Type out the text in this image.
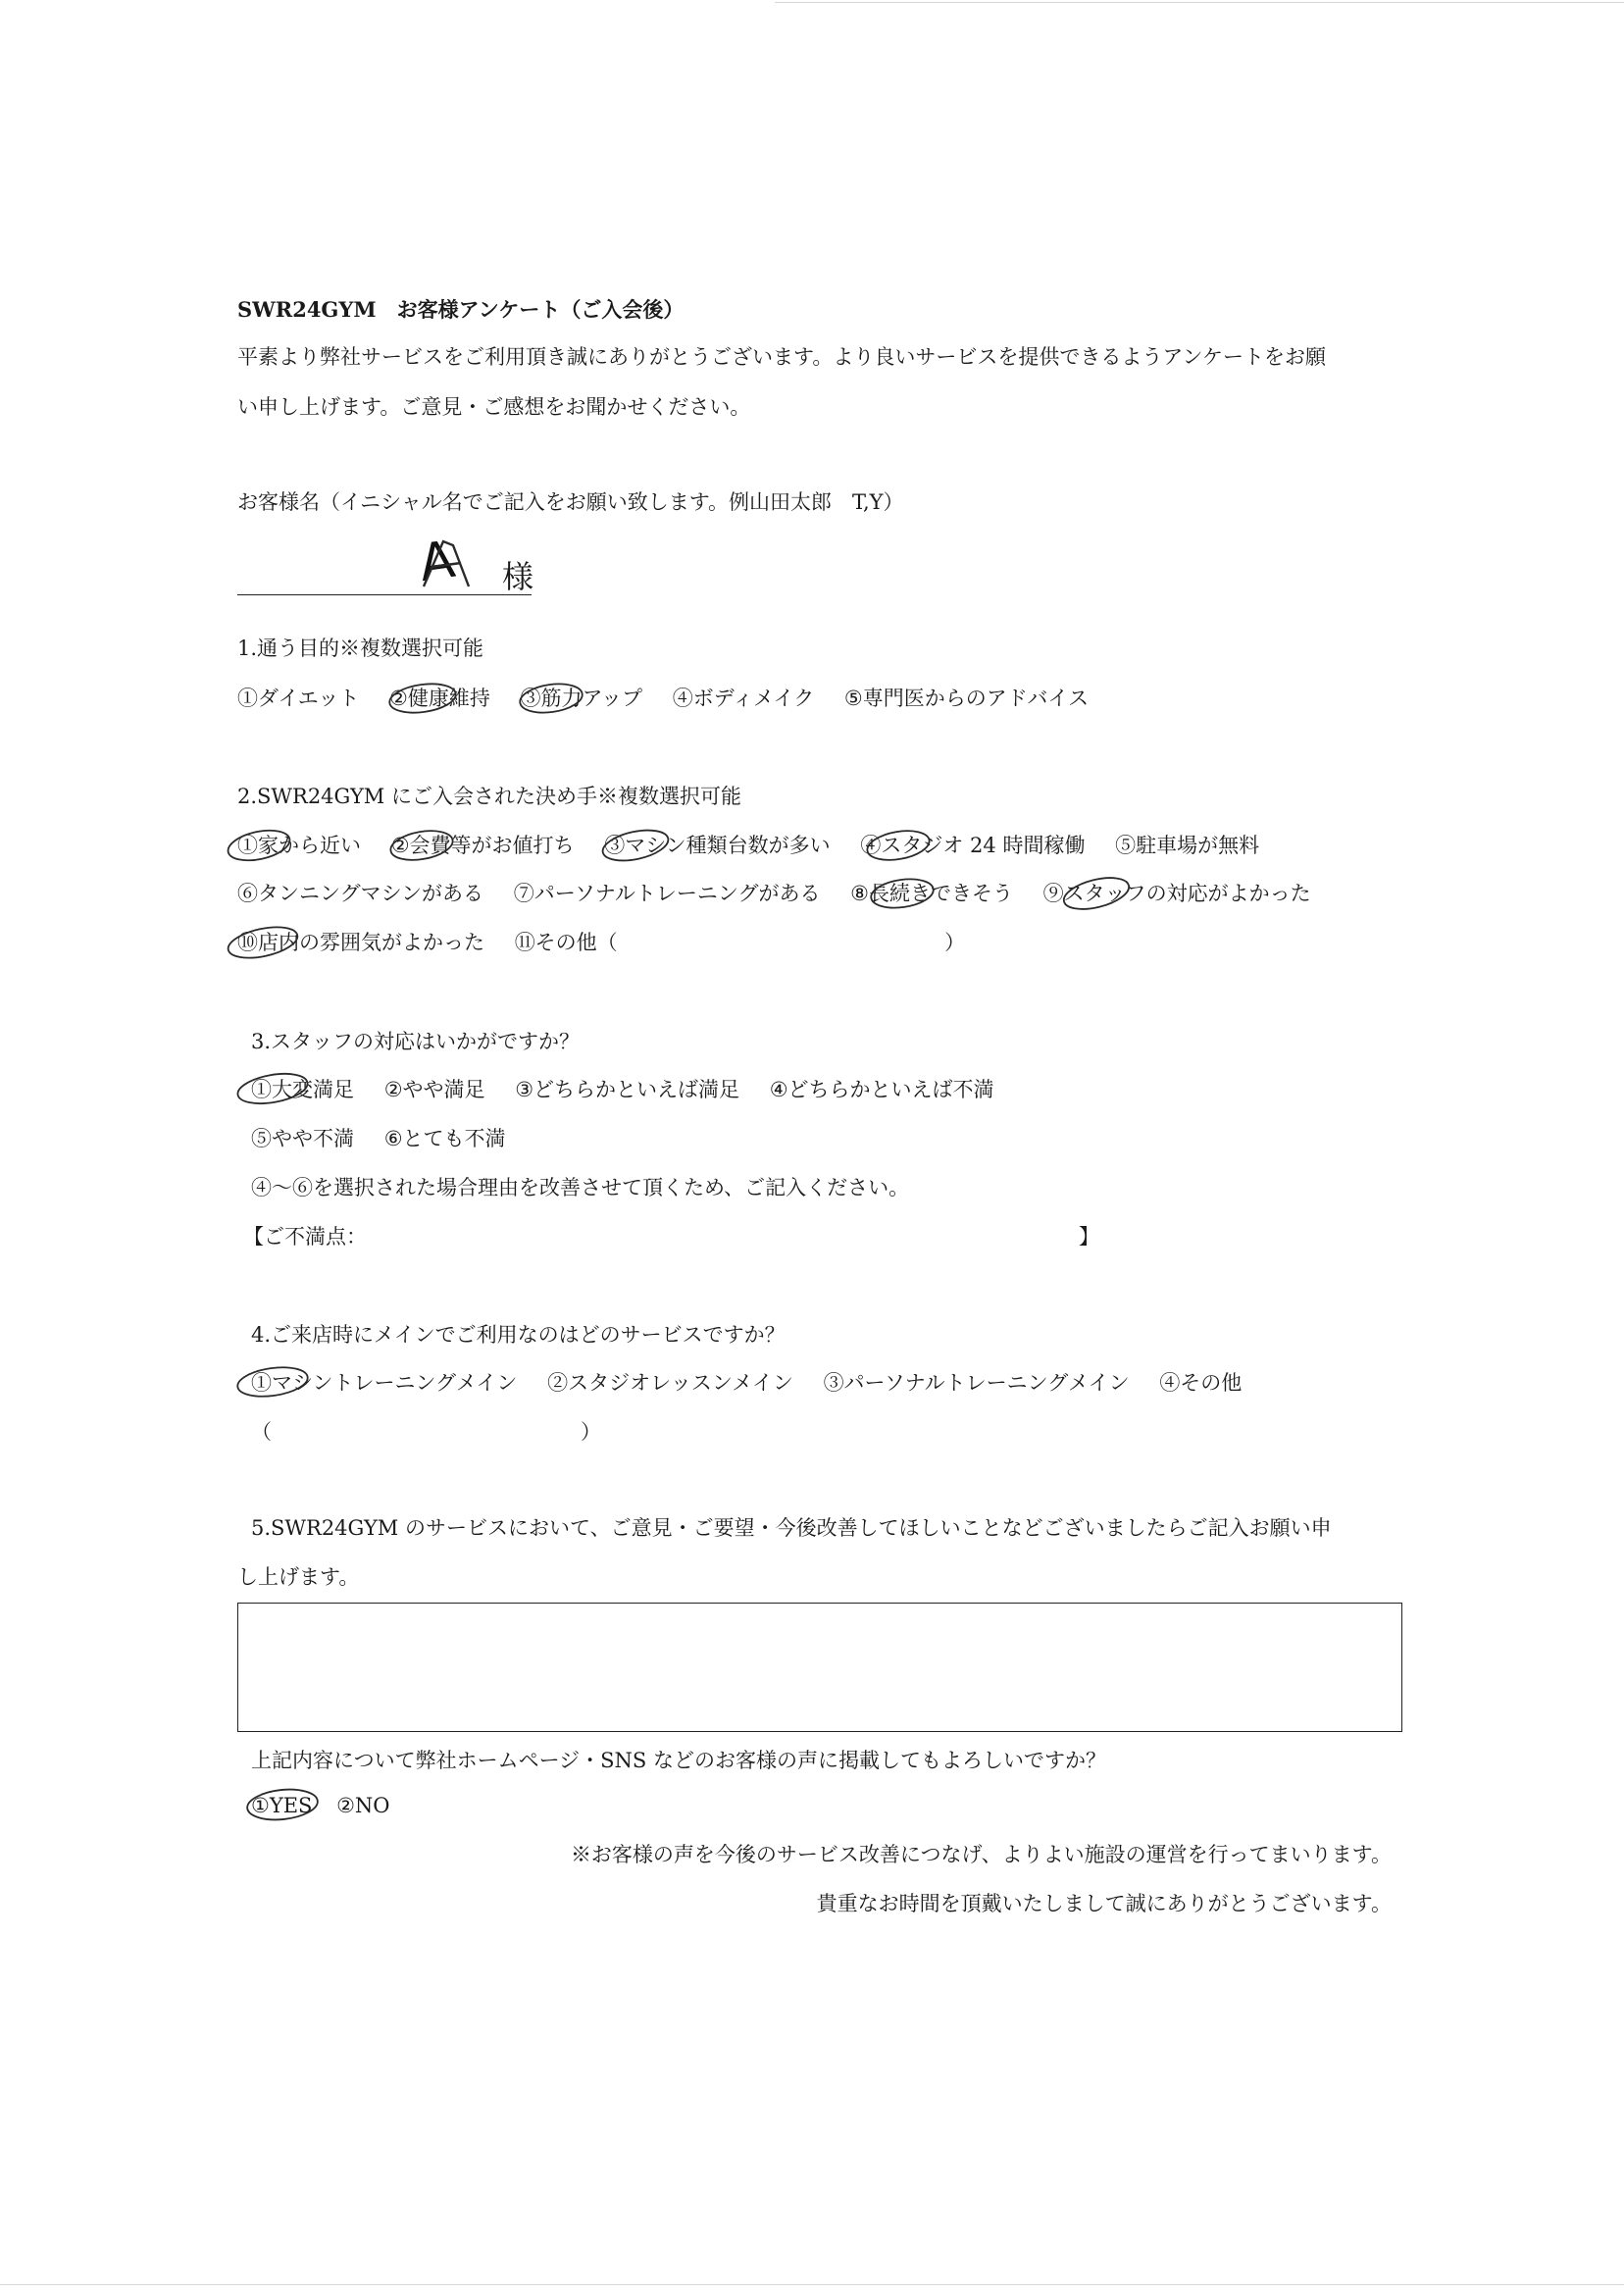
SWR24GYM　お客様アンケート（ご入会後）
平素より弊社サービスをご利用頂き誠にありがとうございます。より良いサービスを提供できるようアンケートをお願
い申し上げます。ご意見・ご感想をお聞かせください。
お客様名（イニシャル名でご記入をお願い致します。例山田太郎　T,Y）
A 様
1.通う目的※複数選択可能
①ダイエット ②健康維持 ③筋力アップ ④ボディメイク ⑤専門医からのアドバイス
2.SWR24GYM にご入会された決め手※複数選択可能
①家から近い ②会費等がお値打ち ③マシン種類台数が多い ④スタジオ 24 時間稼働 ⑤駐車場が無料
⑥タンニングマシンがある ⑦パーソナルトレーニングがある ⑧長続きできそう ⑨スタッフの対応がよかった
⑩店内の雰囲気がよかった ⑪その他（	）
3.スタッフの対応はいかがですか？
①大変満足 ②やや満足 ③どちらかといえば満足 ④どちらかといえば不満
⑤やや不満 ⑥とても不満
④～⑥を選択された場合理由を改善させて頂くため、ご記入ください。
【ご不満点：	】
4.ご来店時にメインでご利用なのはどのサービスですか？
①マシントレーニングメイン ②スタジオレッスンメイン ③パーソナルトレーニングメイン ④その他
（	）
5.SWR24GYM のサービスにおいて、ご意見・ご要望・今後改善してほしいことなどございましたらご記入お願い申
し上げます。
上記内容について弊社ホームページ・SNS などのお客様の声に掲載してもよろしいですか？
①YES ②NO
※お客様の声を今後のサービス改善につなげ、よりよい施設の運営を行ってまいります。
貴重なお時間を頂戴いたしまして誠にありがとうございます。
